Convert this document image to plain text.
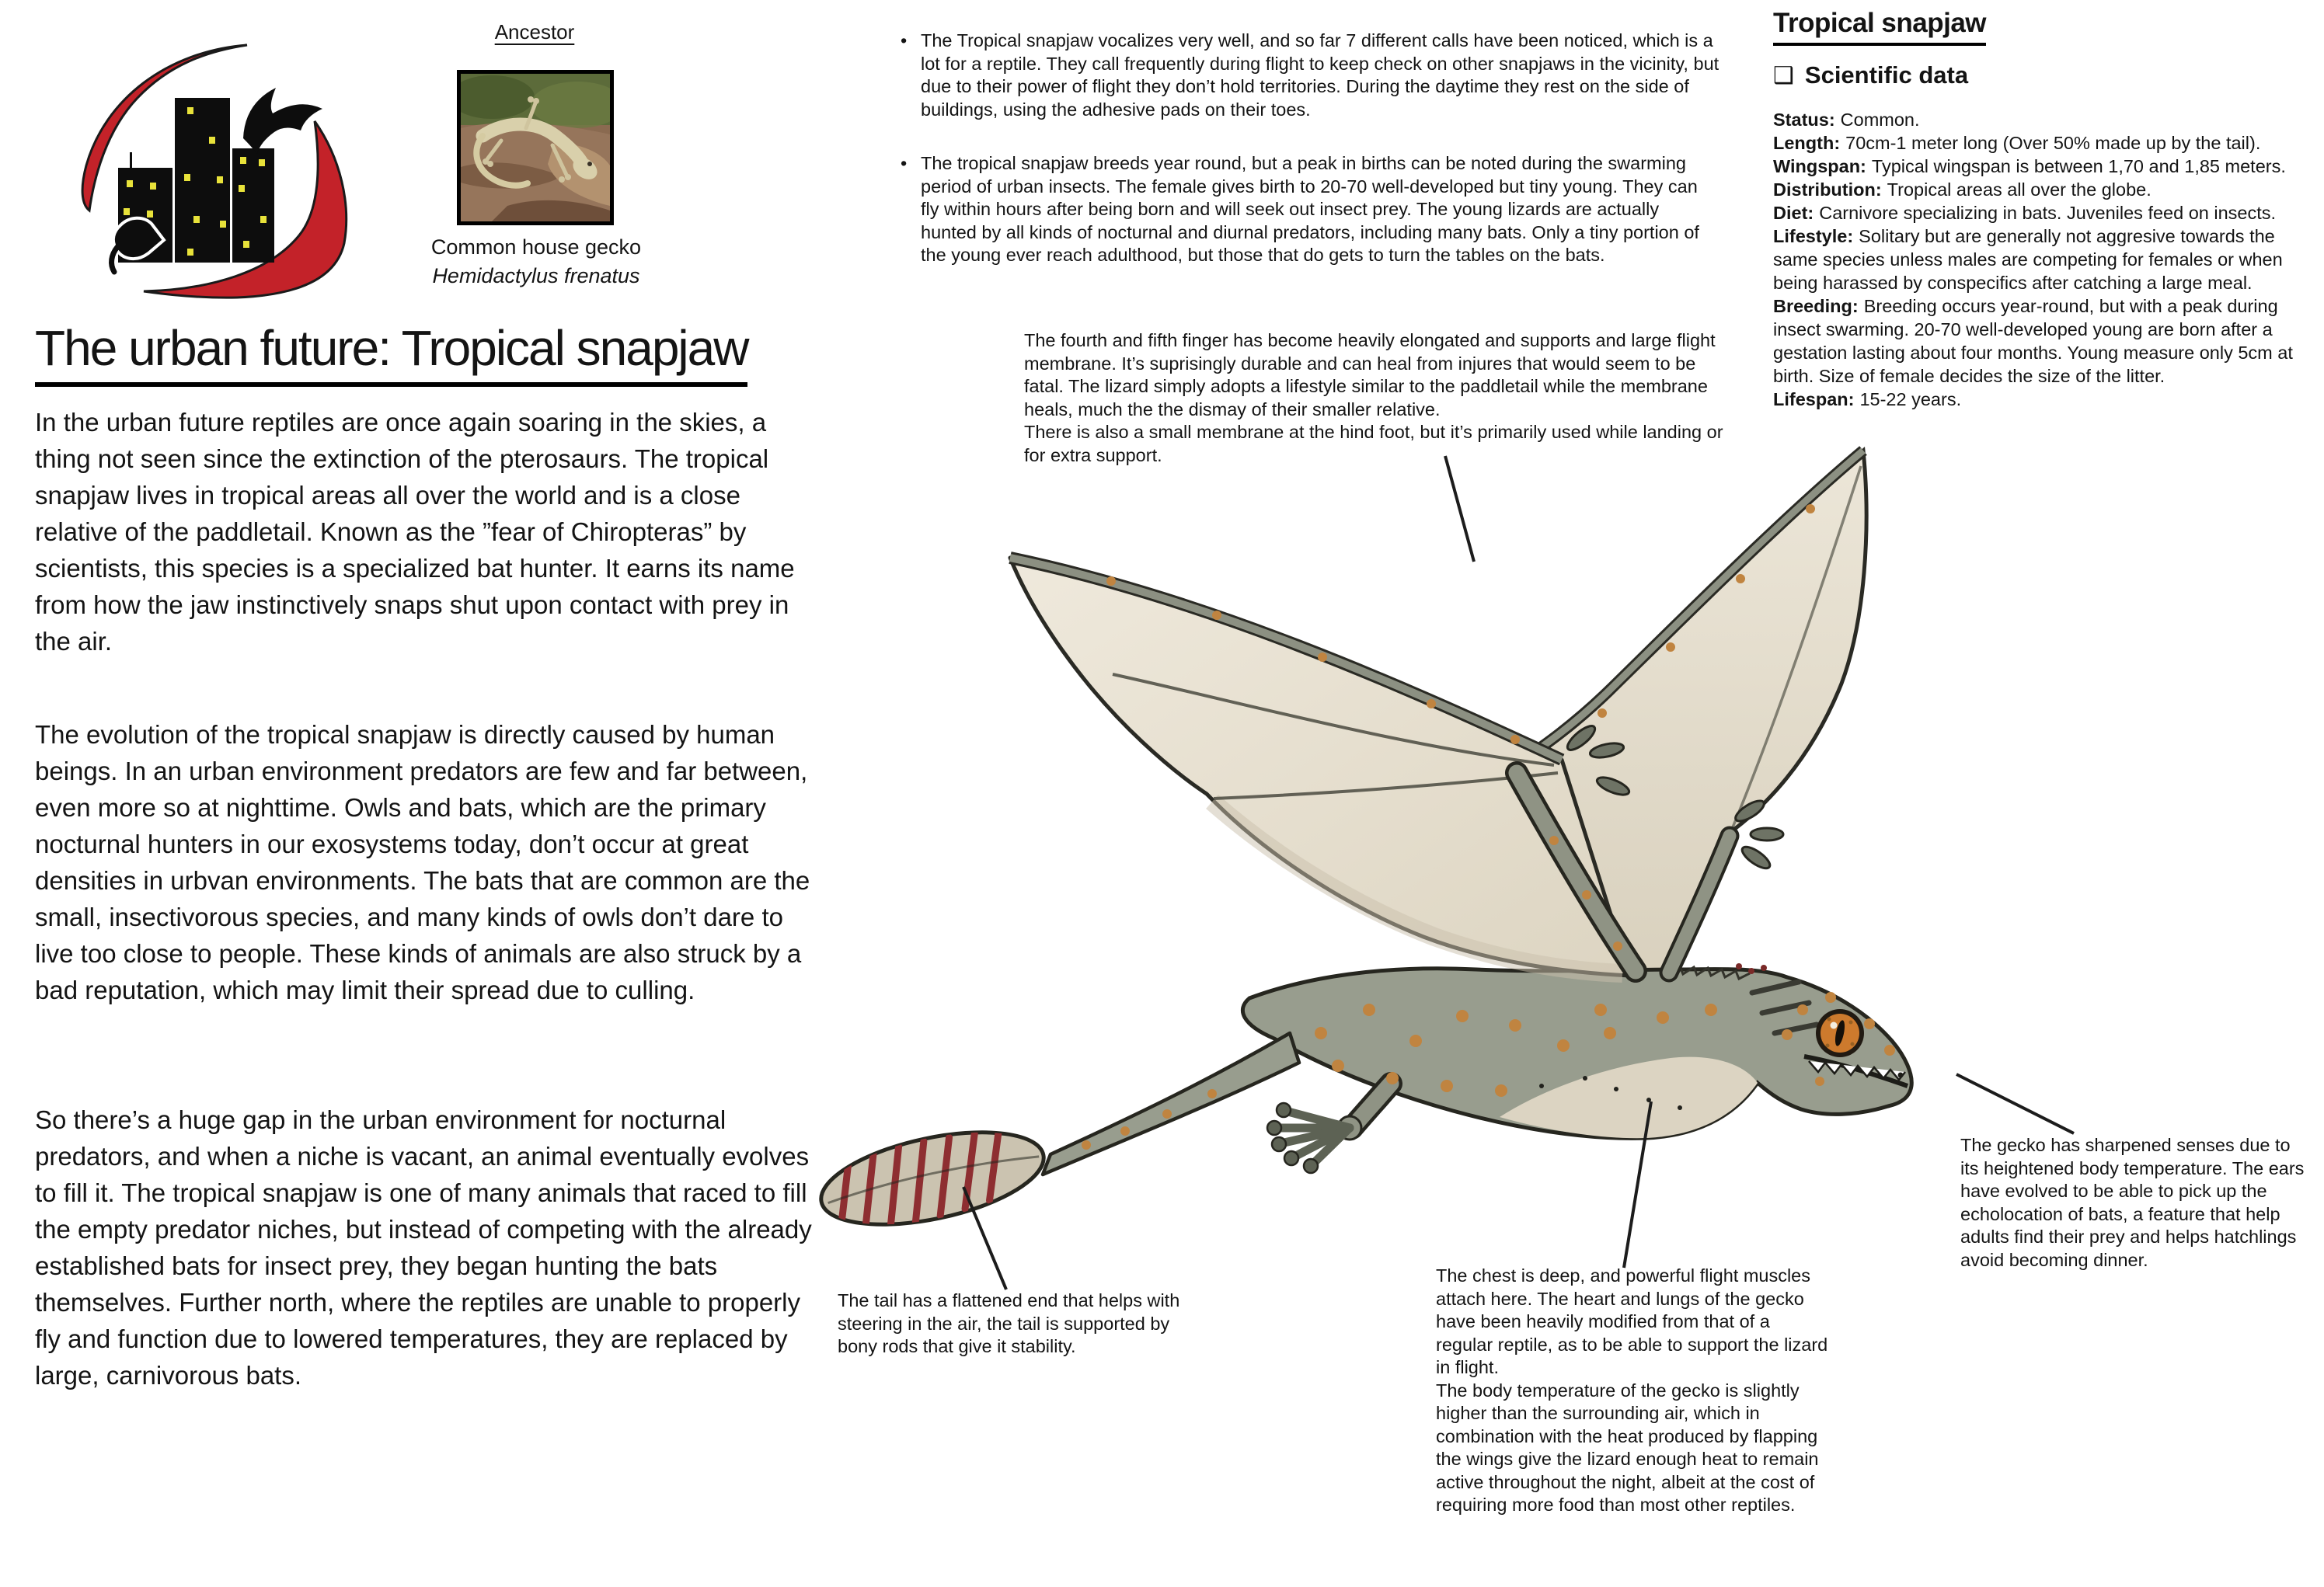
Ancestor
Common house gecko
Hemidactylus frenatus
The urban future: Tropical snapjaw
In the urban future reptiles are once again soaring in the skies, a thing not seen since the extinction of the pterosaurs. The tropical snapjaw lives in tropical areas all over the world and is a close relative of the paddletail. Known as the ”fear of Chiropteras” by scientists, this species is a specialized bat hunter. It earns its name from how the jaw instinctively snaps shut upon contact with prey in the air.
The evolution of the tropical snapjaw is directly caused by human beings. In an urban environment predators are few and far between, even more so at nighttime. Owls and bats, which are the primary nocturnal hunters in our exosystems today, don’t occur at great densities in urbvan environments. The bats that are common are the small, insectivorous species, and many kinds of owls don’t dare to live too close to people. These kinds of animals are also struck by a bad reputation, which may limit their spread due to culling.
So there’s a huge gap in the urban environment for nocturnal predators, and when a niche is vacant, an animal eventually evolves to fill it. The tropical snapjaw is one of many animals that raced to fill the empty predator niches, but instead of competing with the already established bats for insect prey, they began hunting the bats themselves. Further north, where the reptiles are unable to properly fly and function due to lowered temperatures, they are replaced by large, carnivorous bats.
• The Tropical snapjaw vocalizes very well, and so far 7 different calls have been noticed, which is a lot for a reptile. They call frequently during flight to keep check on other snapjaws in the vicinity, but due to their power of flight they don’t hold territories. During the daytime they rest on the side of buildings, using the adhesive pads on their toes.
• The tropical snapjaw breeds year round, but a peak in births can be noted during the swarming period of urban insects. The female gives birth to 20-70 well-developed but tiny young. They can fly within hours after being born and will seek out insect prey. The young lizards are actually hunted by all kinds of nocturnal and diurnal predators, including many bats. Only a tiny portion of the young ever reach adulthood, but those that do gets to turn the tables on the bats.
The fourth and fifth finger has become heavily elongated and supports and large flight membrane. It’s suprisingly durable and can heal from injures that would seem to be fatal. The lizard simply adopts a lifestyle similar to the paddletail while the membrane heals, much the the dismay of their smaller relative.
There is also a small membrane at the hind foot, but it’s primarily used while landing or for extra support.
The tail has a flattened end that helps with steering in the air, the tail is supported by bony rods that give it stability.
The chest is deep, and powerful flight muscles attach here. The heart and lungs of the gecko have been heavily modified from that of a regular reptile, as to be able to support the lizard in flight.
The body temperature of the gecko is slightly higher than the surrounding air, which in combination with the heat produced by flapping the wings give the lizard enough heat to remain active throughout the night, albeit at the cost of requiring more food than most other reptiles.
The gecko has sharpened senses due to its heightened body temperature. The ears have evolved to be able to pick up the echolocation of bats, a feature that help adults find their prey and helps hatchlings avoid becoming dinner.
Tropical snapjaw
❑ Scientific data
Status: Common.
Length: 70cm-1 meter long (Over 50% made up by the tail).
Wingspan: Typical wingspan is between 1,70 and 1,85 meters.
Distribution: Tropical areas all over the globe.
Diet: Carnivore specializing in bats. Juveniles feed on insects.
Lifestyle: Solitary but are generally not aggresive towards the same species unless males are competing for females or when being harassed by conspecifics after catching a large meal.
Breeding: Breeding occurs year-round, but with a peak during insect swarming. 20-70 well-developed young are born after a gestation lasting about four months. Young measure only 5cm at birth. Size of female decides the size of the litter.
Lifespan: 15-22 years.
